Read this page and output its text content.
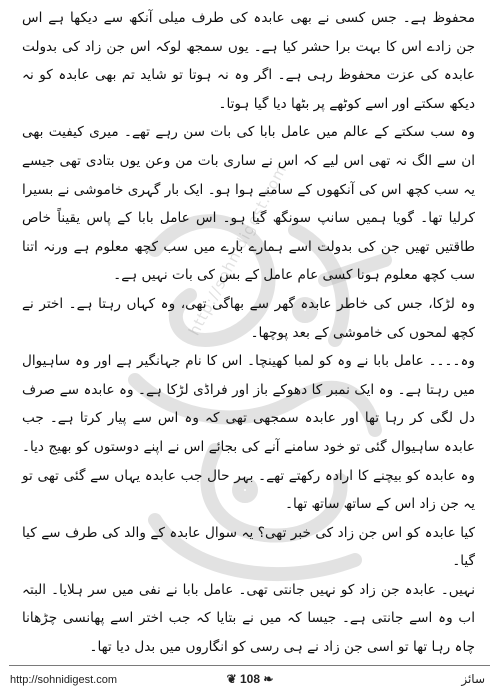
http://sohnidigest.com

محفوظ ہے۔ جس کسی نے بھی عابدہ کی طرف میلی آنکھ سے دیکھا ہے اس جن زادے اس کا بہت برا حشر کیا ہے۔ یوں سمجھ لوکہ اس جن زاد کی بدولت عابدہ کی عزت محفوظ رہی ہے۔ اگر وہ نہ ہوتا تو شاید تم بھی عابدہ کو نہ دیکھ سکتے اور اسے کوٹھے پر بٹھا دیا گیا ہوتا۔

وہ سب سکتے کے عالم میں عامل بابا کی بات سن رہے تھے۔ میری کیفیت بھی ان سے الگ نہ تھی اس لیے کہ اس نے ساری بات من وعن یوں بتادی تھی جیسے یہ سب کچھ اس کی آنکھوں کے سامنے ہوا ہو۔ ایک بار گہری خاموشی نے بسیرا کرلیا تھا۔ گویا ہمیں سانپ سونگھ گیا ہو۔ اس عامل بابا کے پاس یقیناً خاص طاقتیں تھیں جن کی بدولت اسے ہمارے بارے میں سب کچھ معلوم ہے ورنہ اتنا سب کچھ معلوم ہونا کسی عام عامل کے بس کی بات نہیں ہے۔

وہ لڑکا، جس کی خاطر عابدہ گھر سے بھاگی تھی، وہ کہاں رہتا ہے۔ اختر نے کچھ لمحوں کی خاموشی کے بعد پوچھا۔

وہ۔۔۔۔ عامل بابا نے وہ کو لمبا کھینچا۔ اس کا نام جہانگیر ہے اور وہ ساہیوال میں رہتا ہے۔ وہ ایک نمبر کا دھوکے باز اور فراڈی لڑکا ہے۔ وہ عابدہ سے صرف دل لگی کر رہا تھا اور عابدہ سمجھی تھی کہ وہ اس سے پیار کرتا ہے۔ جب عابدہ ساہیوال گئی تو خود سامنے آنے کی بجائے اس نے اپنے دوستوں کو بھیج دیا۔ وہ عابدہ کو بیچنے کا ارادہ رکھتے تھے۔ بہر حال جب عابدہ یہاں سے گئی تھی تو یہ جن زاد اس کے ساتھ ساتھ تھا۔

کیا عابدہ کو اس جن زاد کی خبر تھی؟ یہ سوال عابدہ کے والد کی طرف سے کیا گیا۔

نہیں۔ عابدہ جن زاد کو نہیں جانتی تھی۔ عامل بابا نے نفی میں سر ہلایا۔ البتہ اب وہ اسے جانتی ہے۔ جیسا کہ میں نے بتایا کہ جب اختر اسے پھانسی چڑھانا چاہ رہا تھا تو اسی جن زاد نے ہی رسی کو انگاروں میں بدل دیا تھا۔

http://sohnidigest.com	❦ 108 ❧	سائز
